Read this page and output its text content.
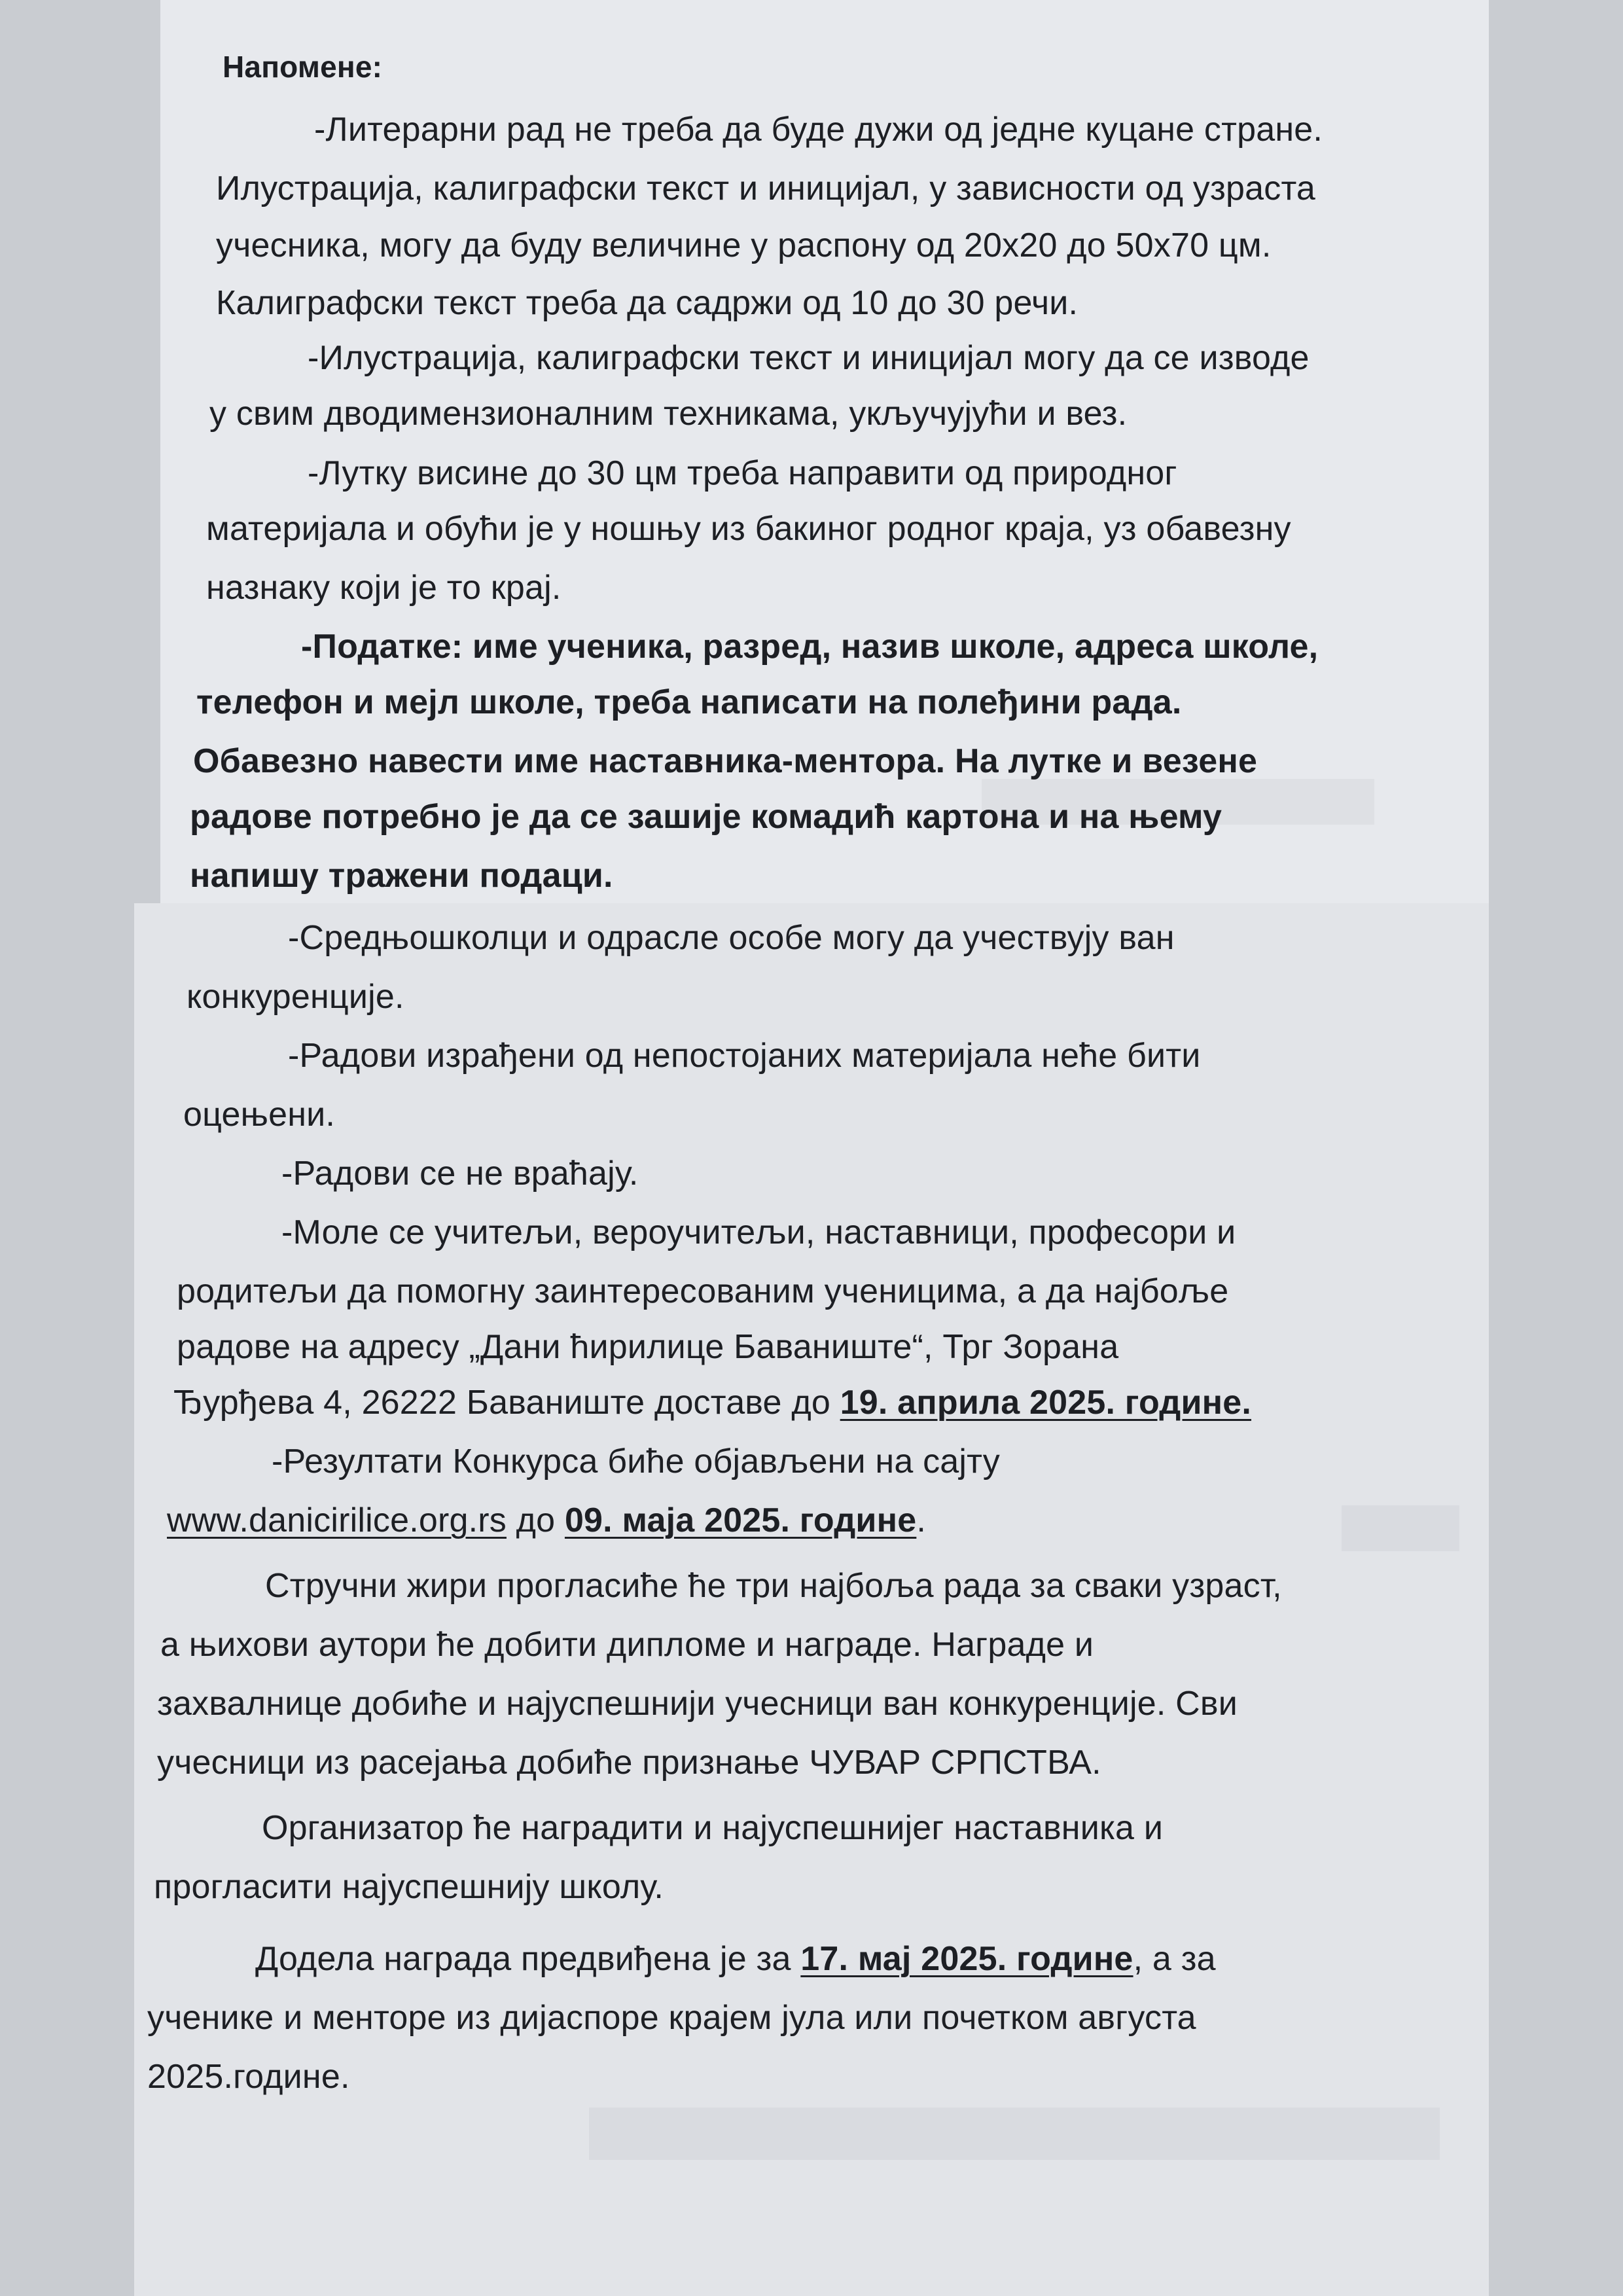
Напомене:
-Литерарни рад не треба да буде дужи од једне куцане стране.
Илустрација, калиграфски текст и иницијал, у зависности од узраста
учесника, могу да буду величине у распону од 20x20 до 50x70 цм.
Калиграфски текст треба да садржи од 10 до 30 речи.
-Илустрација, калиграфски текст и иницијал могу да се изводе
у свим дводимензионалним техникама, укључујући и вез.
-Лутку висине до 30 цм треба направити од природног
материјала и обући је у ношњу из бакиног родног краја, уз обавезну
назнаку који је то крај.
-Податке: име ученика, разред, назив школе, адреса школе,
телефон и мејл школе, треба написати на полеђини рада.
Обавезно навести име наставника-ментора. На лутке и везене
радове потребно је да се зашије комадић картона и на њему
напишу тражени подаци.
-Средњошколци и одрасле особе могу да учествују ван
конкуренције.
-Радови израђени од непостојаних материјала неће бити
оцењени.
-Радови се не враћају.
-Моле се учитељи, вероучитељи, наставници, професори и
родитељи да помогну заинтересованим ученицима, а да најбоље
радове на адресу „Дани ћирилице Баваниште“, Трг Зорана
Ђурђева 4, 26222 Баваниште доставе до 19. априла 2025. године.
-Резултати Конкурса биће објављени на сајту
www.danicirilice.org.rs до 09. маја 2025. године.
Стручни жири прогласиће ће три најбоља рада за сваки узраст,
а њихови аутори ће добити дипломе и награде. Награде и
захвалнице добиће и најуспешнији учесници ван конкуренције. Сви
учесници из расејања добиће признање ЧУВАР СРПСТВА.
Организатор ће наградити и најуспешнијег наставника и
прогласити најуспешнију школу.
Додела награда предвиђена је за 17. мај 2025. године, а за
ученике и менторе из дијаспоре крајем јула или почетком августа
2025.године.
